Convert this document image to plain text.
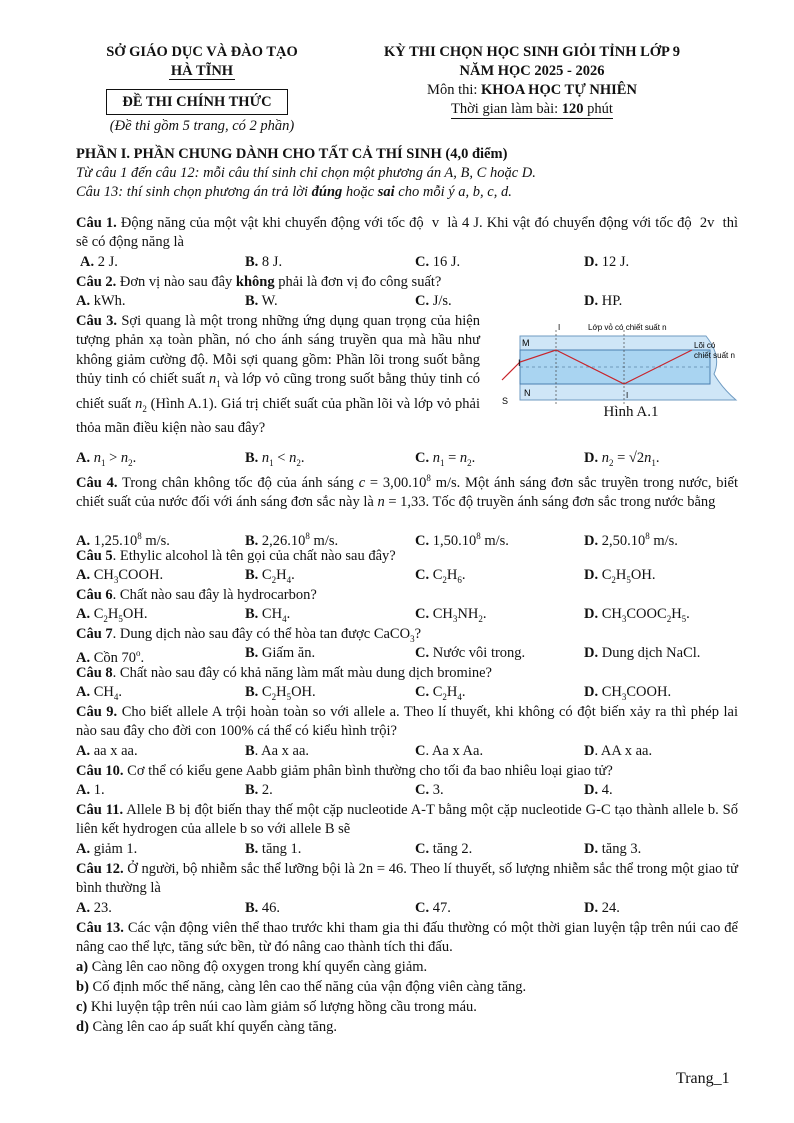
SỞ GIÁO DỤC VÀ ĐÀO TẠO
HÀ TĨNH
ĐỀ THI CHÍNH THỨC
(Đề thi gồm 5 trang, có 2 phần)
KỲ THI CHỌN HỌC SINH GIỎI TỈNH LỚP 9
NĂM HỌC 2025 - 2026
Môn thi: KHOA HỌC TỰ NHIÊN
Thời gian làm bài: 120 phút
PHẦN I. PHẦN CHUNG DÀNH CHO TẤT CẢ THÍ SINH (4,0 điểm)
Từ câu 1 đến câu 12: mỗi câu thí sinh chỉ chọn một phương án A, B, C hoặc D.
Câu 13: thí sinh chọn phương án trả lời đúng hoặc sai cho mỗi ý a, b, c, d.
Câu 1. Động năng của một vật khi chuyển động với tốc độ  v  là 4 J. Khi vật đó chuyển động với tốc độ  2v  thì sẽ có động năng là
A. 2 J.	B. 8 J.	C. 16 J.	D. 12 J.
Câu 2. Đơn vị nào sau đây không phải là đơn vị đo công suất?
A. kWh.	B. W.	C. J/s.	D. HP.
Câu 3. Sợi quang là một trong những ứng dụng quan trọng của hiện tượng phản xạ toàn phần, nó cho ánh sáng truyền qua mà hầu như không giảm cường độ. Mỗi sợi quang gồm: Phần lõi trong suốt bằng thủy tinh có chiết suất $n_1$ và lớp vỏ cũng trong suốt bằng thủy tinh có chiết suất $n_2$ (Hình A.1). Giá trị chiết suất của phần lõi và lớp vỏ phải thỏa mãn điều kiện nào sau đây?
M
N
I
S
I
I
Lớp vỏ có chiết suất n
Lõi có
chiết suất n
Hình A.1
A. $n_1 > n_2$.	B. $n_1 < n_2$.	C. $n_1 = n_2$.	D. $n_2 = √2n_1$.
Câu 4. Trong chân không tốc độ của ánh sáng $c = 3,00.10^8$ m/s. Một ánh sáng đơn sắc truyền trong nước, biết chiết suất của nước đối với ánh sáng đơn sắc này là n = 1,33. Tốc độ truyền ánh sáng đơn sắc trong nước bằng
A. 1,25.10$^8$ m/s.	B. 2,26.10$^8$ m/s.	C. 1,50.10$^8$ m/s.	D. 2,50.10$^8$ m/s.
Câu 5. Ethylic alcohol là tên gọi của chất nào sau đây?
A. $CH_3COOH$.	B. $C_2H_4$.	C. $C_2H_6$.	D. $C_2H_5OH$.
Câu 6. Chất nào sau đây là hydrocarbon?
A. $C_2H_5OH$.	B. $CH_4$.	C. $CH_3NH_2$.	D. $CH_3COOC_2H_5$.
Câu 7. Dung dịch nào sau đây có thể hòa tan được CaCO$_3$?
A. Cồn 70$^o$.	B. Giấm ăn.	C. Nước vôi trong.	D. Dung dịch NaCl.
Câu 8. Chất nào sau đây có khả năng làm mất màu dung dịch bromine?
A. $CH_4$.	B. $C_2H_5OH$.	C. $C_2H_4$.	D. $CH_3COOH$.
Câu 9. Cho biết allele A trội hoàn toàn so với allele a. Theo lí thuyết, khi không có đột biến xảy ra thì phép lai nào sau đây cho đời con 100% cá thể có kiểu hình trội?
A. aa x aa.	B. Aa x aa.	C. Aa x Aa.	D. AA x aa.
Câu 10. Cơ thể có kiểu gene Aabb giảm phân bình thường cho tối đa bao nhiêu loại giao tử?
A. 1.	B. 2.	C. 3.	D. 4.
Câu 11. Allele B bị đột biến thay thế một cặp nucleotide A-T bằng một cặp nucleotide G-C tạo thành allele b. Số liên kết hydrogen của allele b so với allele B sẽ
A. giảm 1.	B. tăng 1.	C. tăng 2.	D. tăng 3.
Câu 12. Ở người, bộ nhiễm sắc thể lưỡng bội là 2n = 46. Theo lí thuyết, số lượng nhiễm sắc thể trong một giao tử bình thường là
A. 23.	B. 46.	C. 47.	D. 24.
Câu 13. Các vận động viên thể thao trước khi tham gia thi đấu thường có một thời gian luyện tập trên núi cao để nâng cao thể lực, tăng sức bền, từ đó nâng cao thành tích thi đấu.
a) Càng lên cao nồng độ oxygen trong khí quyển càng giảm.
b) Cố định mốc thế năng, càng lên cao thế năng của vận động viên càng tăng.
c) Khi luyện tập trên núi cao làm giảm số lượng hồng cầu trong máu.
d) Càng lên cao áp suất khí quyển càng tăng.
Trang_1
